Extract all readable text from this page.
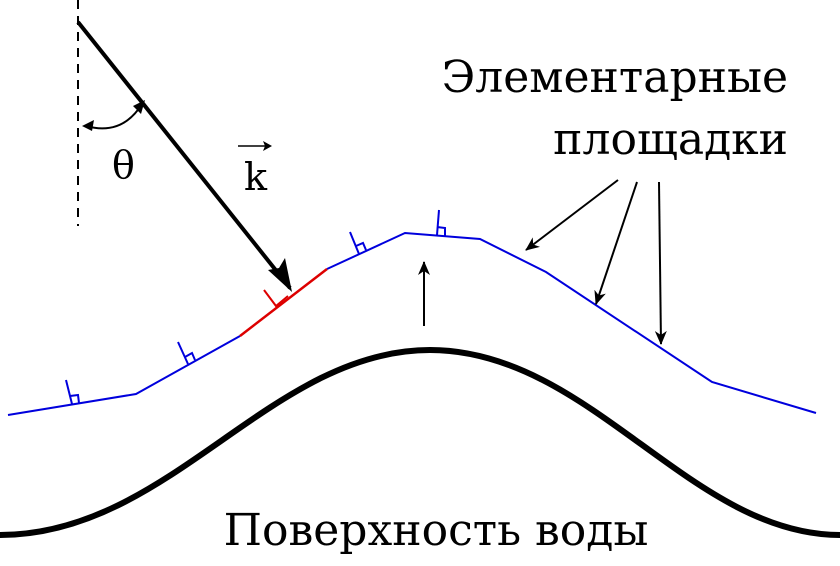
θ	k
Элементарные
площадки
Поверхность воды
